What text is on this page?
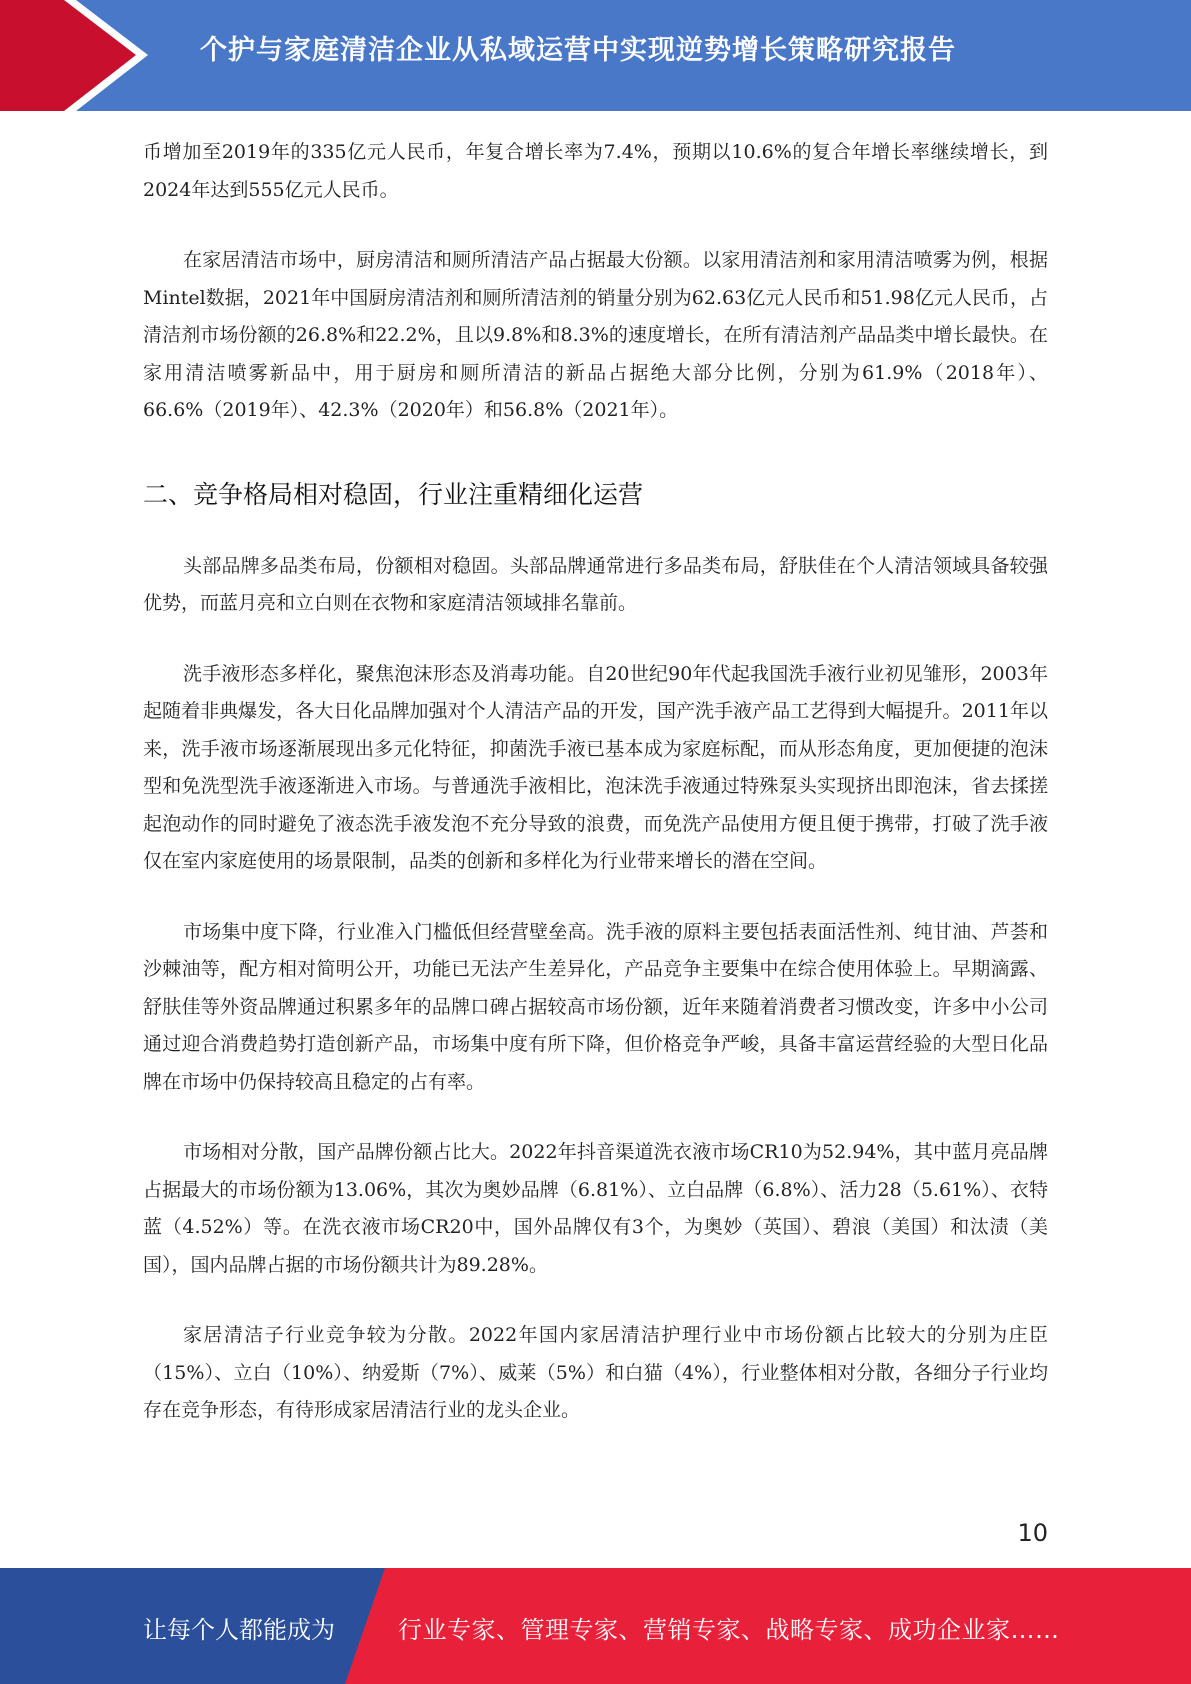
个护与家庭清洁企业从私域运营中实现逆势增长策略研究报告

币增加至2019年的335亿元人民币，年复合增长率为7.4%，预期以10.6%的复合年增长率继续增长，到2024年达到555亿元人民币。

在家居清洁市场中，厨房清洁和厕所清洁产品占据最大份额。以家用清洁剂和家用清洁喷雾为例，根据Mintel数据，2021年中国厨房清洁剂和厕所清洁剂的销量分别为62.63亿元人民币和51.98亿元人民币，占清洁剂市场份额的26.8%和22.2%，且以9.8%和8.3%的速度增长，在所有清洁剂产品品类中增长最快。在家用清洁喷雾新品中，用于厨房和厕所清洁的新品占据绝大部分比例，分别为61.9%（2018年）、66.6%（2019年）、42.3%（2020年）和56.8%（2021年）。

二、竞争格局相对稳固，行业注重精细化运营

头部品牌多品类布局，份额相对稳固。头部品牌通常进行多品类布局，舒肤佳在个人清洁领域具备较强优势，而蓝月亮和立白则在衣物和家庭清洁领域排名靠前。

洗手液形态多样化，聚焦泡沫形态及消毒功能。自20世纪90年代起我国洗手液行业初见雏形，2003年起随着非典爆发，各大日化品牌加强对个人清洁产品的开发，国产洗手液产品工艺得到大幅提升。2011年以来，洗手液市场逐渐展现出多元化特征，抑菌洗手液已基本成为家庭标配，而从形态角度，更加便捷的泡沫型和免洗型洗手液逐渐进入市场。与普通洗手液相比，泡沫洗手液通过特殊泵头实现挤出即泡沫，省去揉搓起泡动作的同时避免了液态洗手液发泡不充分导致的浪费，而免洗产品使用方便且便于携带，打破了洗手液仅在室内家庭使用的场景限制，品类的创新和多样化为行业带来增长的潜在空间。

市场集中度下降，行业准入门槛低但经营壁垒高。洗手液的原料主要包括表面活性剂、纯甘油、芦荟和沙棘油等，配方相对简明公开，功能已无法产生差异化，产品竞争主要集中在综合使用体验上。早期滴露、舒肤佳等外资品牌通过积累多年的品牌口碑占据较高市场份额，近年来随着消费者习惯改变，许多中小公司通过迎合消费趋势打造创新产品，市场集中度有所下降，但价格竞争严峻，具备丰富运营经验的大型日化品牌在市场中仍保持较高且稳定的占有率。

市场相对分散，国产品牌份额占比大。2022年抖音渠道洗衣液市场CR10为52.94%，其中蓝月亮品牌占据最大的市场份额为13.06%，其次为奥妙品牌（6.81%）、立白品牌（6.8%）、活力28（5.61%）、衣特蓝（4.52%）等。在洗衣液市场CR20中，国外品牌仅有3个，为奥妙（英国）、碧浪（美国）和汰渍（美国），国内品牌占据的市场份额共计为89.28%。

家居清洁子行业竞争较为分散。2022年国内家居清洁护理行业中市场份额占比较大的分别为庄臣（15%）、立白（10%）、纳爱斯（7%）、威莱（5%）和白猫（4%），行业整体相对分散，各细分子行业均存在竞争形态，有待形成家居清洁行业的龙头企业。

10
让每个人都能成为	行业专家、管理专家、营销专家、战略专家、成功企业家……
